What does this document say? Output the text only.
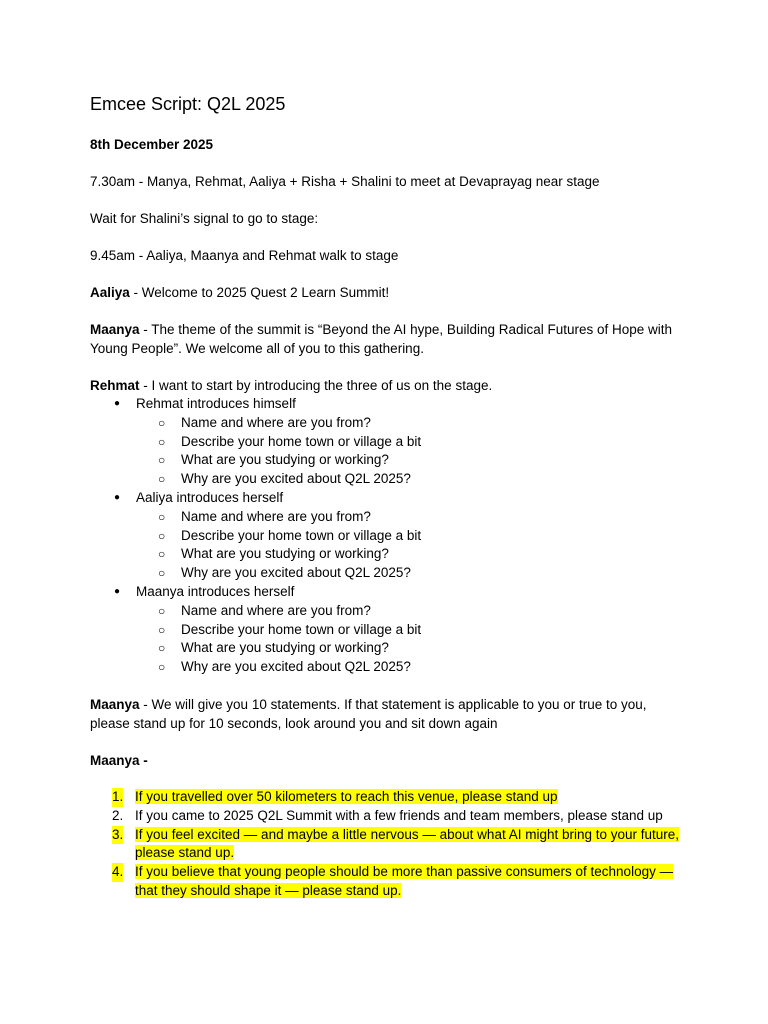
Emcee Script: Q2L 2025
8th December 2025
7.30am - Manya, Rehmat, Aaliya + Risha + Shalini to meet at Devaprayag near stage
Wait for Shalini’s signal to go to stage:
9.45am - Aaliya, Maanya and Rehmat walk to stage
Aaliya - Welcome to 2025 Quest 2 Learn Summit!
Maanya - The theme of the summit is “Beyond the AI hype, Building Radical Futures of Hope with Young People”. We welcome all of you to this gathering.
Rehmat - I want to start by introducing the three of us on the stage.
● Rehmat introduces himself
○ Name and where are you from?
○ Describe your home town or village a bit
○ What are you studying or working?
○ Why are you excited about Q2L 2025?
● Aaliya introduces herself
○ Name and where are you from?
○ Describe your home town or village a bit
○ What are you studying or working?
○ Why are you excited about Q2L 2025?
● Maanya introduces herself
○ Name and where are you from?
○ Describe your home town or village a bit
○ What are you studying or working?
○ Why are you excited about Q2L 2025?
Maanya - We will give you 10 statements. If that statement is applicable to you or true to you, please stand up for 10 seconds, look around you and sit down again
Maanya -
1. If you travelled over 50 kilometers to reach this venue, please stand up
2. If you came to 2025 Q2L Summit with a few friends and team members, please stand up
3. If you feel excited — and maybe a little nervous — about what AI might bring to your future, please stand up.
4. If you believe that young people should be more than passive consumers of technology — that they should shape it — please stand up.
